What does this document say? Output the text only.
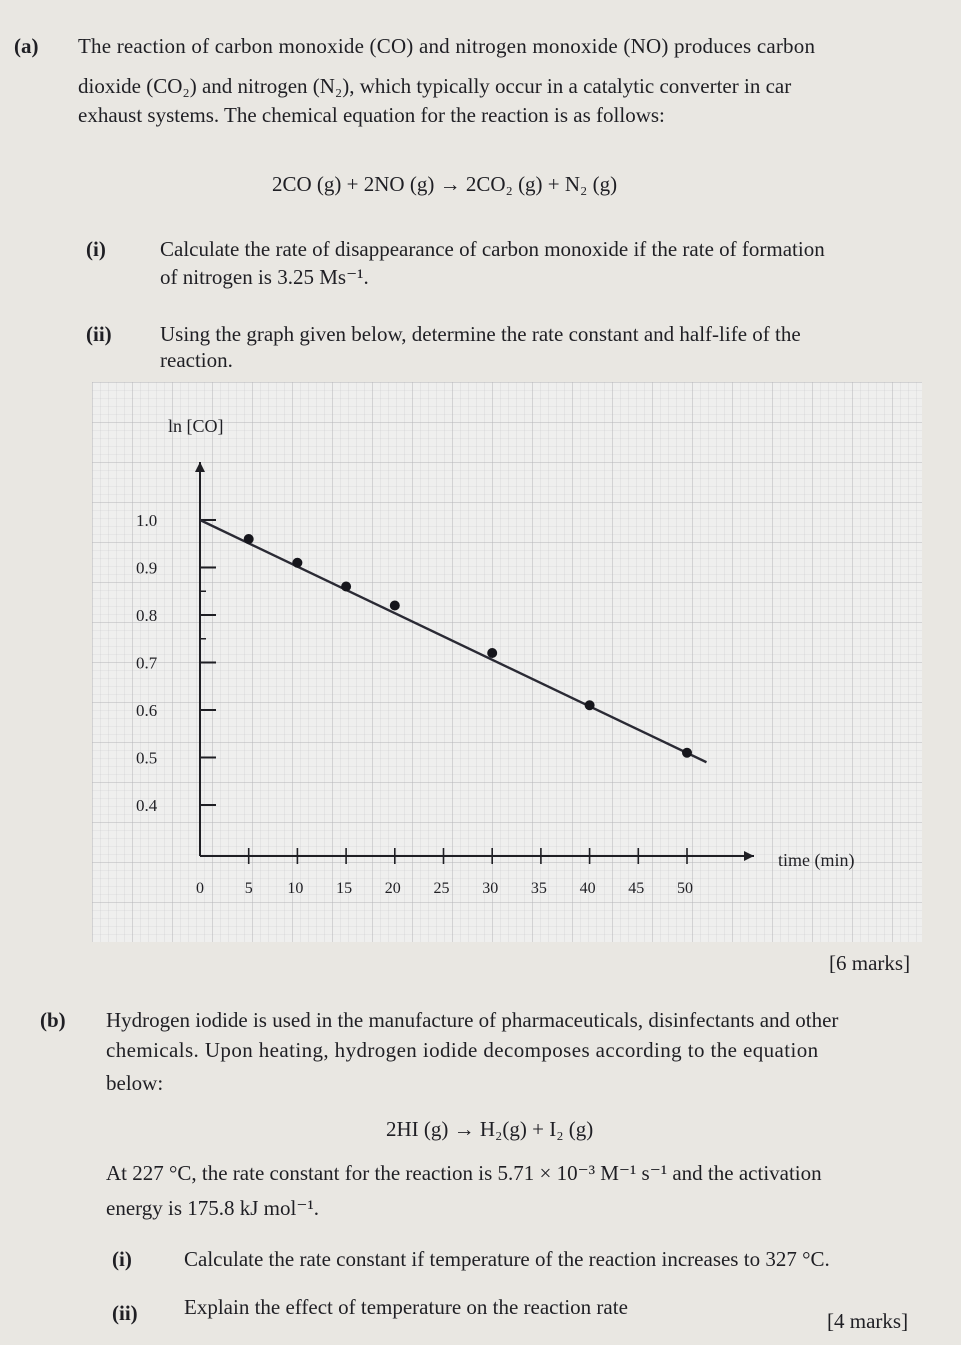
(a) The reaction of carbon monoxide (CO) and nitrogen monoxide (NO) produces carbon
dioxide (CO₂) and nitrogen (N₂), which typically occur in a catalytic converter in car
exhaust systems. The chemical equation for the reaction is as follows:
2CO (g) + 2NO (g) → 2CO₂ (g) + N₂ (g)
(i)	Calculate the rate of disappearance of carbon monoxide if the rate of formation
of nitrogen is 3.25 Ms⁻¹.
(ii) Using the graph given below, determine the rate constant and half-life of the
reaction.
ln [CO]
time (min)
1.0
0.9
0.8
0.7
0.6
0.5
0.4
0	5 10 15 20 25 30 35 40 45 50
[6 marks]
(b) Hydrogen iodide is used in the manufacture of pharmaceuticals, disinfectants and other
chemicals. Upon heating, hydrogen iodide decomposes according to the equation
below:
2HI (g) → H₂(g) + I₂ (g)
At 227 °C, the rate constant for the reaction is 5.71 × 10⁻³ M⁻¹ s⁻¹ and the activation
energy is 175.8 kJ mol⁻¹.
(i) Calculate the rate constant if temperature of the reaction increases to 327 °C.
(ii) Explain the effect of temperature on the reaction rate
[4 marks]
